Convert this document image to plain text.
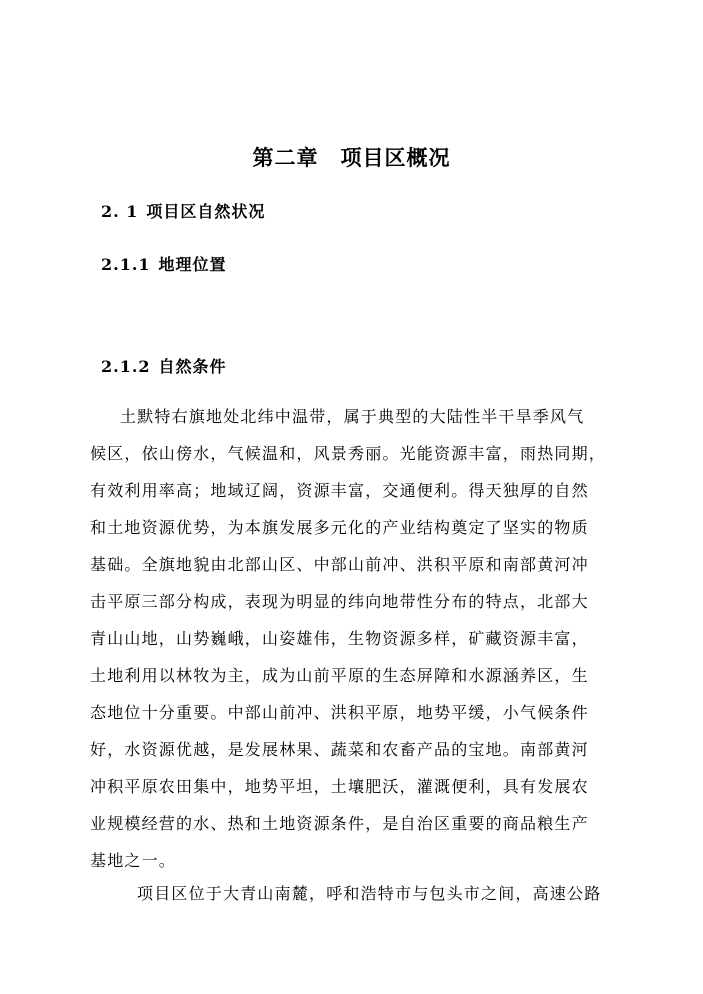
第二章 项目区概况
2. 1 项目区自然状况
2.1.1 地理位置
2.1.2 自然条件
土默特右旗地处北纬中温带，属于典型的大陆性半干旱季风气
候区，依山傍水，气候温和，风景秀丽。光能资源丰富，雨热同期，
有效利用率高；地域辽阔，资源丰富，交通便利。得天独厚的自然
和土地资源优势，为本旗发展多元化的产业结构奠定了坚实的物质
基础。全旗地貌由北部山区、中部山前冲、洪积平原和南部黄河冲
击平原三部分构成，表现为明显的纬向地带性分布的特点，北部大
青山山地，山势巍峨，山姿雄伟，生物资源多样，矿藏资源丰富，
土地利用以林牧为主，成为山前平原的生态屏障和水源涵养区，生
态地位十分重要。中部山前冲、洪积平原，地势平缓，小气候条件
好，水资源优越，是发展林果、蔬菜和农畜产品的宝地。南部黄河
冲积平原农田集中，地势平坦，土壤肥沃，灌溉便利，具有发展农
业规模经营的水、热和土地资源条件，是自治区重要的商品粮生产
基地之一。
项目区位于大青山南麓，呼和浩特市与包头市之间，高速公路
